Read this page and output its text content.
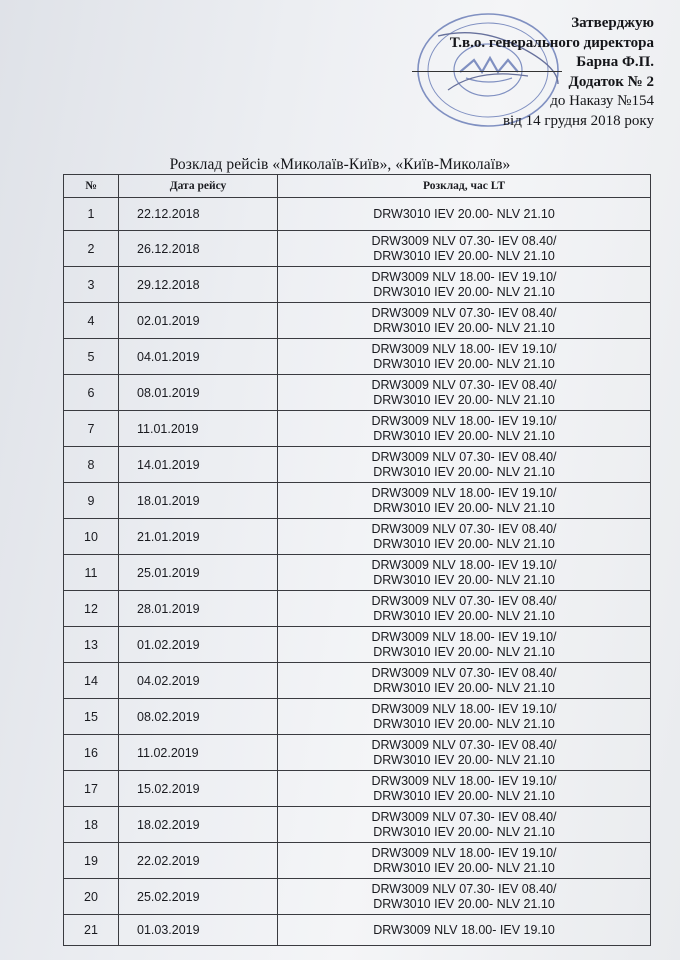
Затверджую
Т.в.о. генерального директора
Барна Ф.П.
Додаток № 2
до Наказу №154
від 14 грудня 2018 року
Розклад рейсів «Миколаїв-Київ», «Київ-Миколаїв»
№	Дата рейсу	Розклад, час LT
1	22.12.2018	DRW3010 IEV 20.00- NLV 21.10

2	26.12.2018	DRW3009 NLV 07.30- IEV 08.40/
DRW3010 IEV 20.00- NLV 21.10

3	29.12.2018	DRW3009 NLV 18.00- IEV 19.10/
DRW3010 IEV 20.00- NLV 21.10

4	02.01.2019	DRW3009 NLV 07.30- IEV 08.40/
DRW3010 IEV 20.00- NLV 21.10

5	04.01.2019	DRW3009 NLV 18.00- IEV 19.10/
DRW3010 IEV 20.00- NLV 21.10

6	08.01.2019	DRW3009 NLV 07.30- IEV 08.40/
DRW3010 IEV 20.00- NLV 21.10

7	11.01.2019	DRW3009 NLV 18.00- IEV 19.10/
DRW3010 IEV 20.00- NLV 21.10

8	14.01.2019	DRW3009 NLV 07.30- IEV 08.40/
DRW3010 IEV 20.00- NLV 21.10

9	18.01.2019	DRW3009 NLV 18.00- IEV 19.10/
DRW3010 IEV 20.00- NLV 21.10

10	21.01.2019	DRW3009 NLV 07.30- IEV 08.40/
DRW3010 IEV 20.00- NLV 21.10

11	25.01.2019	DRW3009 NLV 18.00- IEV 19.10/
DRW3010 IEV 20.00- NLV 21.10

12	28.01.2019	DRW3009 NLV 07.30- IEV 08.40/
DRW3010 IEV 20.00- NLV 21.10

13	01.02.2019	DRW3009 NLV 18.00- IEV 19.10/
DRW3010 IEV 20.00- NLV 21.10

14	04.02.2019	DRW3009 NLV 07.30- IEV 08.40/
DRW3010 IEV 20.00- NLV 21.10

15	08.02.2019	DRW3009 NLV 18.00- IEV 19.10/
DRW3010 IEV 20.00- NLV 21.10

16	11.02.2019	DRW3009 NLV 07.30- IEV 08.40/
DRW3010 IEV 20.00- NLV 21.10

17	15.02.2019	DRW3009 NLV 18.00- IEV 19.10/
DRW3010 IEV 20.00- NLV 21.10

18	18.02.2019	DRW3009 NLV 07.30- IEV 08.40/
DRW3010 IEV 20.00- NLV 21.10

19	22.02.2019	DRW3009 NLV 18.00- IEV 19.10/
DRW3010 IEV 20.00- NLV 21.10

20	25.02.2019	DRW3009 NLV 07.30- IEV 08.40/
DRW3010 IEV 20.00- NLV 21.10

21	01.03.2019	DRW3009 NLV 18.00- IEV 19.10
